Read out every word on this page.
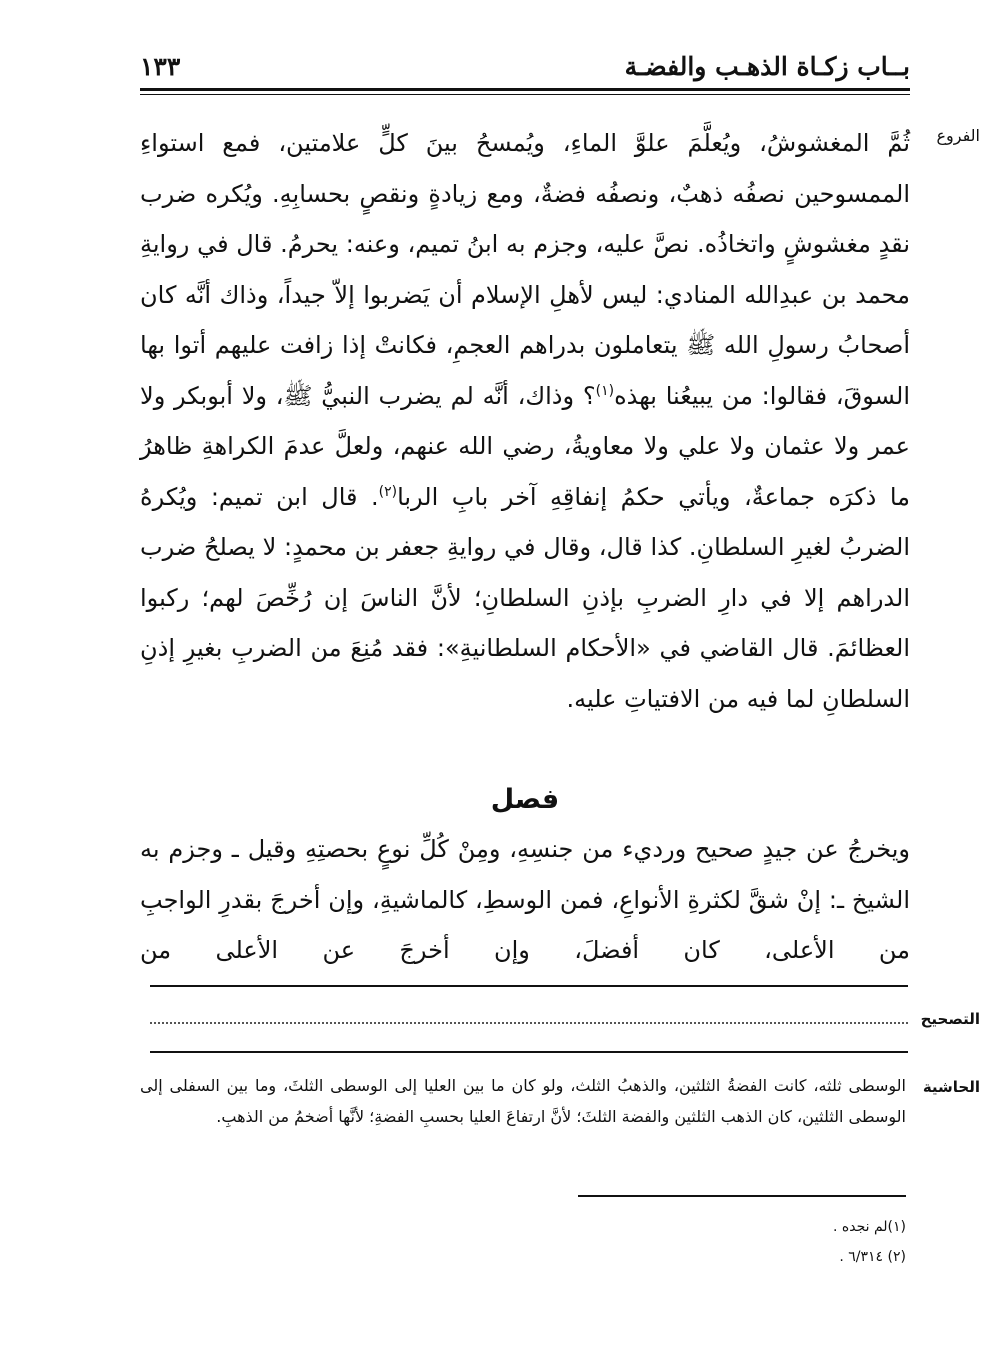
بــاب زكـاة الذهـب والفضـة
١٣٣
الفروع

ثُمَّ المغشوشُ، ويُعلَّمَ علوَّ الماءِ، ويُمسحُ بينَ كلٍّ علامتين، فمع استواءِ الممسوحين نصفُه ذهبٌ، ونصفُه فضةٌ، ومع زيادةٍ ونقصٍ بحسابِهِ. ويُكره ضرب نقدٍ مغشوشٍ واتخاذُه. نصَّ عليه، وجزم به ابنُ تميم، وعنه: يحرمُ. قال في روايةِ محمد بن عبدِالله المنادي: ليس لأهلِ الإسلام أن يَضربوا إلاّ جيداً، وذاك أنَّه كان أصحابُ رسولِ الله ﷺ يتعاملون بدراهم العجمِ، فكانتْ إذا زافت عليهم أتوا بها السوقَ، فقالوا: من يبيعُنا بهذه$^{(١)}$؟ وذاك، أنَّه لم يضرب النبيُّ ﷺ، ولا أبوبكر ولا عمر ولا عثمان ولا علي ولا معاويةُ، رضي الله عنهم، ولعلَّ عدمَ الكراهةِ ظاهرُ ما ذكرَه جماعةٌ، ويأتي حكمُ إنفاقِهِ آخر بابِ الربا$^{(٢)}$. قال ابن تميم: ويُكرهُ الضربُ لغيرِ السلطانِ. كذا قال، وقال في روايةِ جعفر بن محمدٍ: لا يصلحُ ضرب الدراهم إلا في دارِ الضربِ بإذنِ السلطانِ؛ لأنَّ الناسَ إن رُخِّصَ لهم؛ ركبوا العظائمَ. قال القاضي في «الأحكام السلطانيةِ»: فقد مُنِعَ من الضربِ بغيرِ إذنِ السلطانِ لما فيه من الافتياتِ عليه.

فصل

ويخرجُ عن جيدٍ صحيح ورديء من جنسِهِ، ومِنْ كُلِّ نوعٍ بحصتِهِ وقيل ـ وجزم به الشيخ ـ: إنْ شقَّ لكثرةِ الأنواعِ، فمن الوسطِ، كالماشيةِ، وإن أخرجَ بقدرِ الواجبِ من الأعلى، كان أفضلَ، وإن أخرجَ عن الأعلى من

التصحيح
الحاشية

الوسطى ثلثه، كانت الفضةُ الثلثين، والذهبُ الثلث، ولو كان ما بين العليا إلى الوسطى الثلثَ، وما بين السفلى إلى الوسطى الثلثين، كان الذهب الثلثين والفضة الثلثَ؛ لأنَّ ارتفاعَ العليا بحسبِ الفضةِ؛ لأنَّها أضخمُ من الذهبِ.

(١)لم نجده .
(٢) ٦/٣١٤ .
